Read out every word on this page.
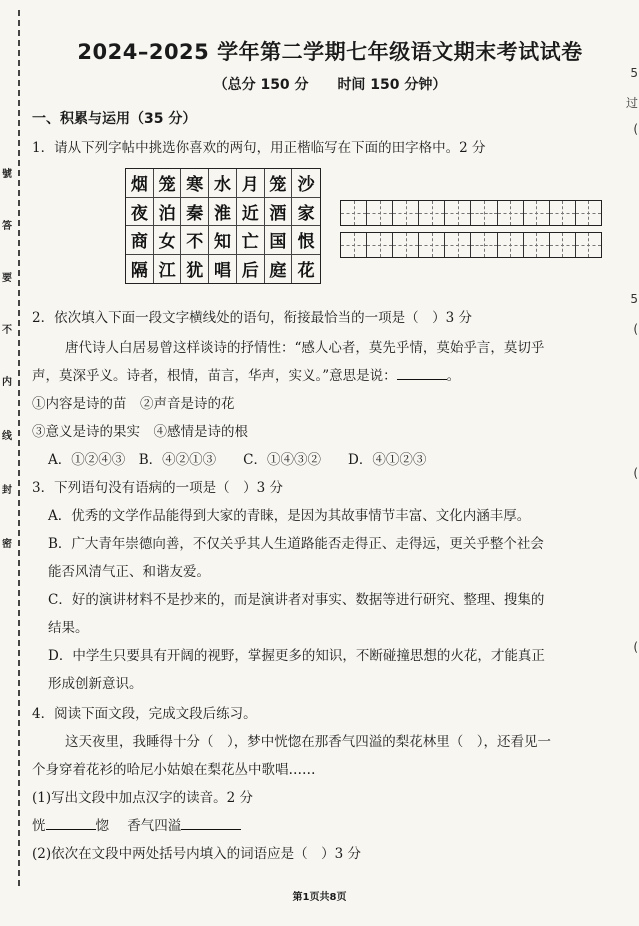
號
答
要
不
内
线
封
密
5
过
(
5
(
(
(
2024–2025 学年第二学期七年级语文期末考试试卷
（总分 150 分 时间 150 分钟）
一、积累与运用（35 分）
1．请从下列字帖中挑选你喜欢的两句，用正楷临写在下面的田字格中。2 分
烟 笼 寒 水 月 笼 沙
夜 泊 秦 淮 近 酒 家
商 女 不 知 亡 国 恨
隔 江 犹 唱 后 庭 花
2．依次填入下面一段文字横线处的语句，衔接最恰当的一项是（　）3 分
唐代诗人白居易曾这样谈诗的抒情性：“感人心者，莫先乎情，莫始乎言，莫切乎
声，莫深乎义。诗者，根情，苗言，华声，实义。”意思是说：	。
①内容是诗的苗　②声音是诗的花
③意义是诗的果实　④感情是诗的根
A．①②④③　B．④②①③　　C．①④③②　　D．④①②③
3．下列语句没有语病的一项是（　）3 分
A．优秀的文学作品能得到大家的青睐，是因为其故事情节丰富、文化内涵丰厚。
B．广大青年崇德向善，不仅关乎其人生道路能否走得正、走得远，更关乎整个社会
能否风清气正、和谐友爱。
C．好的演讲材料不是抄来的，而是演讲者对事实、数据等进行研究、整理、搜集的
结果。
D．中学生只要具有开阔的视野，掌握更多的知识，不断碰撞思想的火花，才能真正
形成创新意识。
4．阅读下面文段，完成文段后练习。
这天夜里，我睡得十分（　），梦中恍惚在那香气四溢的梨花林里（　），还看见一
个身穿着花衫的哈尼小姑娘在梨花丛中歌唱……
(1)写出文段中加点汉字的读音。2 分
恍	惚 香气四溢
(2)依次在文段中两处括号内填入的词语应是（　）3 分
第1页共8页
